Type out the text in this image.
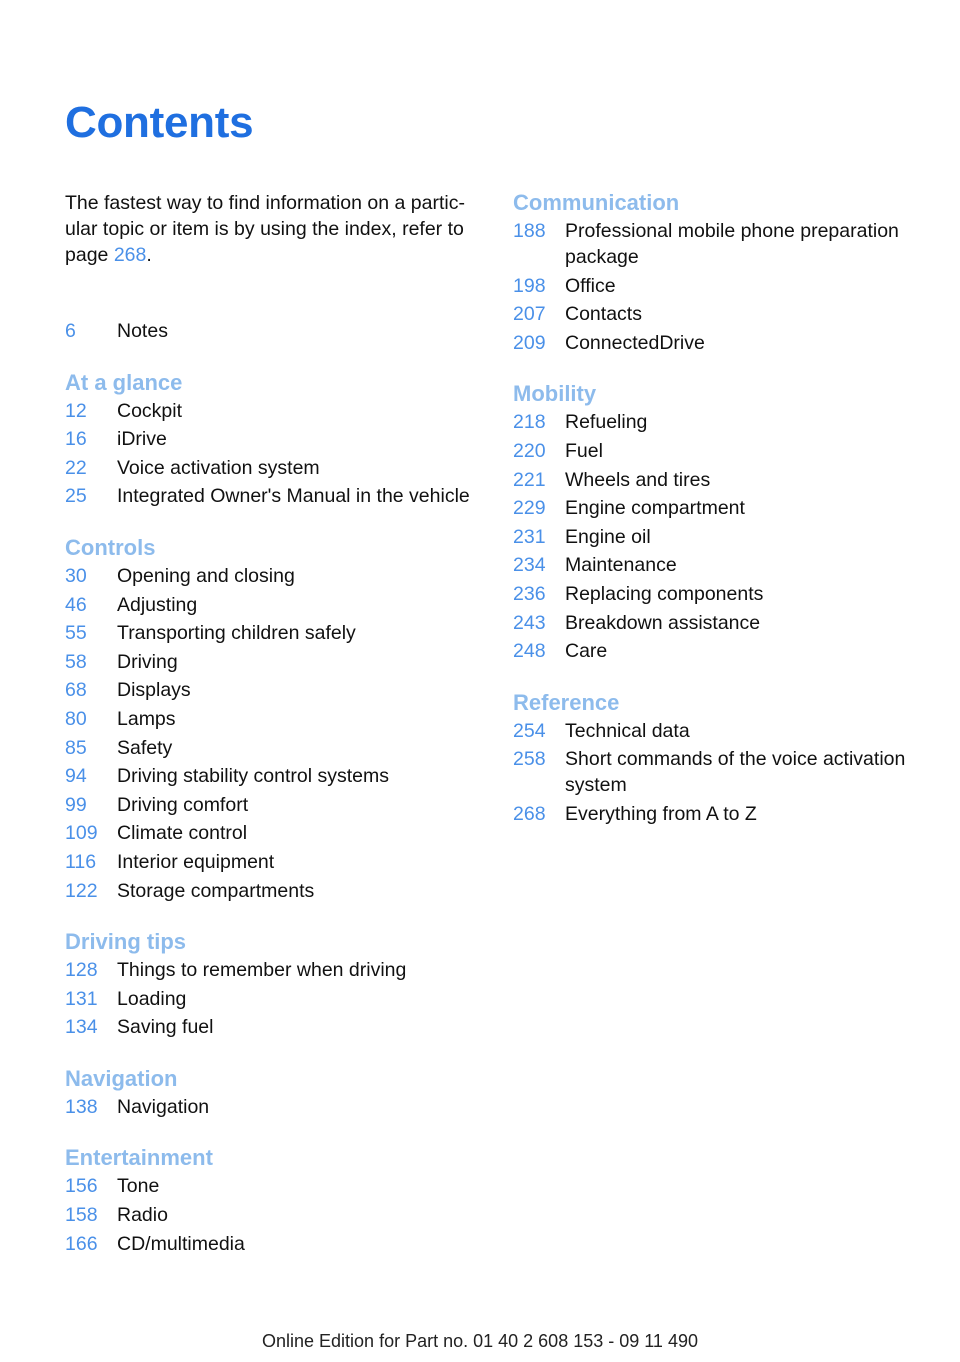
Contents

The fastest way to find information on a partic-
ular topic or item is by using the index, refer to
page 268.

6	Notes
At a glance
12	Cockpit
16	iDrive
22	Voice activation system
25	Integrated Owner's Manual in the vehicle
Controls
30	Opening and closing
46	Adjusting
55	Transporting children safely
58	Driving
68	Displays
80	Lamps
85	Safety
94	Driving stability control systems
99	Driving comfort
109 Climate control
116	Interior equipment
122 Storage compartments
Driving tips
128 Things to remember when driving
131 Loading
134 Saving fuel
Navigation
138 Navigation
Entertainment
156 Tone
158 Radio
166 CD/multimedia
Communication
188 Professional mobile phone preparation package
198 Office
207 Contacts
209 ConnectedDrive
Mobility
218 Refueling
220 Fuel
221 Wheels and tires
229 Engine compartment
231 Engine oil
234 Maintenance
236 Replacing components
243 Breakdown assistance
248 Care
Reference
254 Technical data
258 Short commands of the voice activation system
268 Everything from A to Z
Online Edition for Part no. 01 40 2 608 153 - 09 11 490
